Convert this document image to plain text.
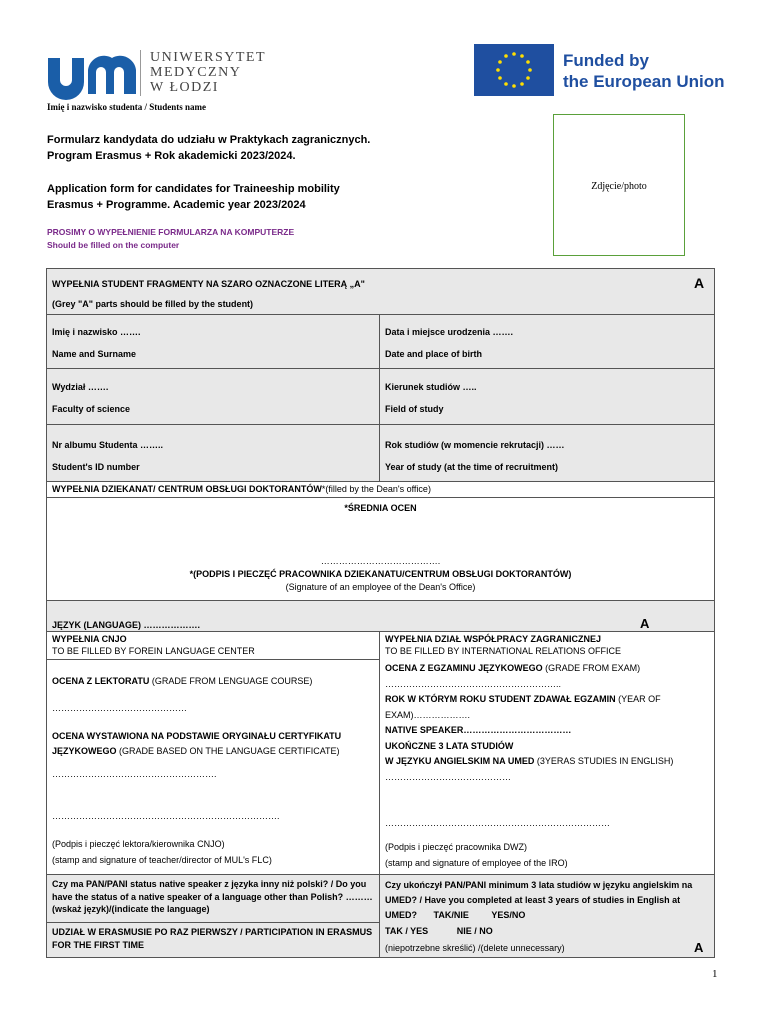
UNIWERSYTET
MEDYCZNY
W ŁODZI
Funded by
the European Union
Imię i nazwisko studenta / Students name
Formularz kandydata do udziału w Praktykach zagranicznych.
Program Erasmus + Rok akademicki 2023/2024.
Application form for candidates for Traineeship mobility
Erasmus + Programme. Academic year 2023/2024
PROSIMY O WYPEŁNIENIE FORMULARZA NA KOMPUTERZE
Should be filled on the computer
Zdjęcie/photo
WYPEŁNIA STUDENT FRAGMENTY NA SZARO OZNACZONE LITERĄ „A"	A
(Grey "A" parts should be filled by the student)
Imię i nazwisko …….
Name and Surname
Data i miejsce urodzenia …….
Date and place of birth
Wydział …….
Faculty of science
Kierunek studiów …..
Field of study
Nr albumu Studenta ……..
Student's ID number
Rok studiów (w momencie rekrutacji) ……
Year of study (at the time of recruitment)
WYPEŁNIA DZIEKANAT/ CENTRUM OBSŁUGI DOKTORANTÓW*(filled by the Dean's office)
*ŚREDNIA OCEN
………………………………….
*(PODPIS I PIECZĘĆ PRACOWNIKA DZIEKANATU/CENTRUM OBSŁUGI DOKTORANTÓW)
(Signature of an employee of the Dean's Office)
JĘZYK (LANGUAGE) ……………….	A
WYPEŁNIA CNJO
TO BE FILLED BY FOREIN LANGUAGE CENTER
OCENA Z LEKTORATU (GRADE FROM LENGUAGE COURSE)
………………………………………
OCENA WYSTAWIONA NA PODSTAWIE ORYGINAŁU CERTYFIKATU
JĘZYKOWEGO (GRADE BASED ON THE LANGUAGE CERTIFICATE)
……………………………………………….
………………………………………………………………….
(Podpis i pieczęć lektora/kierownika CNJO)
(stamp and signature of teacher/director of MUL's FLC)
WYPEŁNIA DZIAŁ WSPÓŁPRACY ZAGRANICZNEJ
TO BE FILLED BY INTERNATIONAL RELATIONS OFFICE
OCENA Z EGZAMINU JĘZYKOWEGO (GRADE FROM EXAM)
…………………………………………………..
ROK W KTÓRYM ROKU STUDENT ZDAWAŁ EGZAMIN (YEAR OF EXAM)……………….
NATIVE SPEAKER………………………………
UKOŃCZNE 3 LATA STUDIÓW
W JĘZYKU ANGIELSKIM NA UMED (3YERAS STUDIES IN ENGLISH)
……………………………………
…………………………………………………………………
(Podpis i pieczęć pracownika DWZ)
(stamp and signature of employee of the IRO)
Czy ma PAN/PANI status native speaker z języka inny niż polski? / Do you have the status of a native speaker of a language other than Polish? ……… (wskaż język)/(indicate the language)
Czy ukończył PAN/PANI minimum 3 lata studiów w języku angielskim na UMED? / Have you completed at least 3 years of studies in English at UMED? TAK/NIE	YES/NO
UDZIAŁ W ERASMUSIE PO RAZ PIERWSZY / PARTICIPATION IN ERASMUS FOR THE FIRST TIME
TAK / YES	NIE / NO
(niepotrzebne skreślić) /(delete unnecessary)	A
1
